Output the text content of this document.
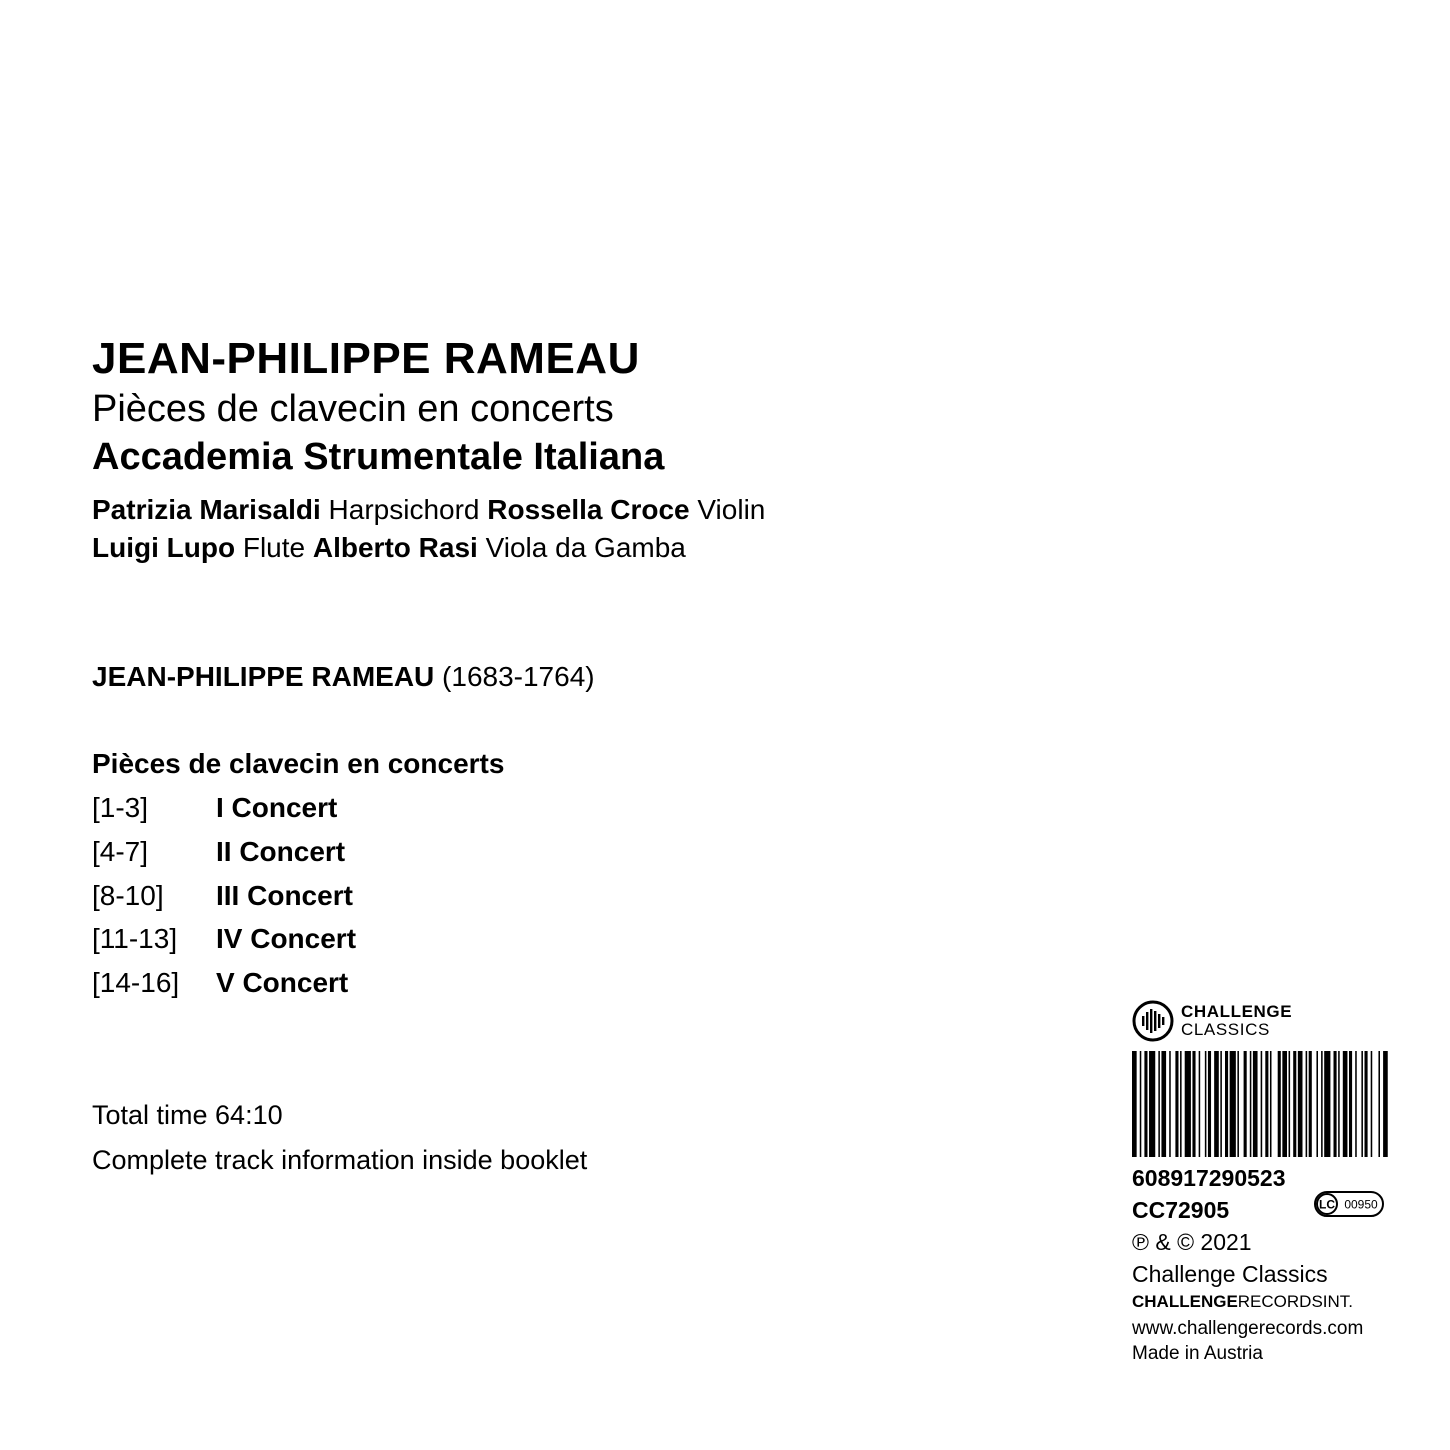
JEAN-PHILIPPE RAMEAU
Pièces de clavecin en concerts
Accademia Strumentale Italiana
Patrizia Marisaldi Harpsichord Rossella Croce Violin
Luigi Lupo Flute Alberto Rasi Viola da Gamba
JEAN-PHILIPPE RAMEAU (1683-1764)
Pièces de clavecin en concerts
[1-3] I Concert
[4-7] II Concert
[8-10] III Concert
[11-13] IV Concert
[14-16] V Concert
Total time 64:10
Complete track information inside booklet
CHALLENGE
CLASSICS
608917290523
CC72905	LC 00950
℗ & © 2021
Challenge Classics
CHALLENGERECORDSINT.
www.challengerecords.com
Made in Austria
